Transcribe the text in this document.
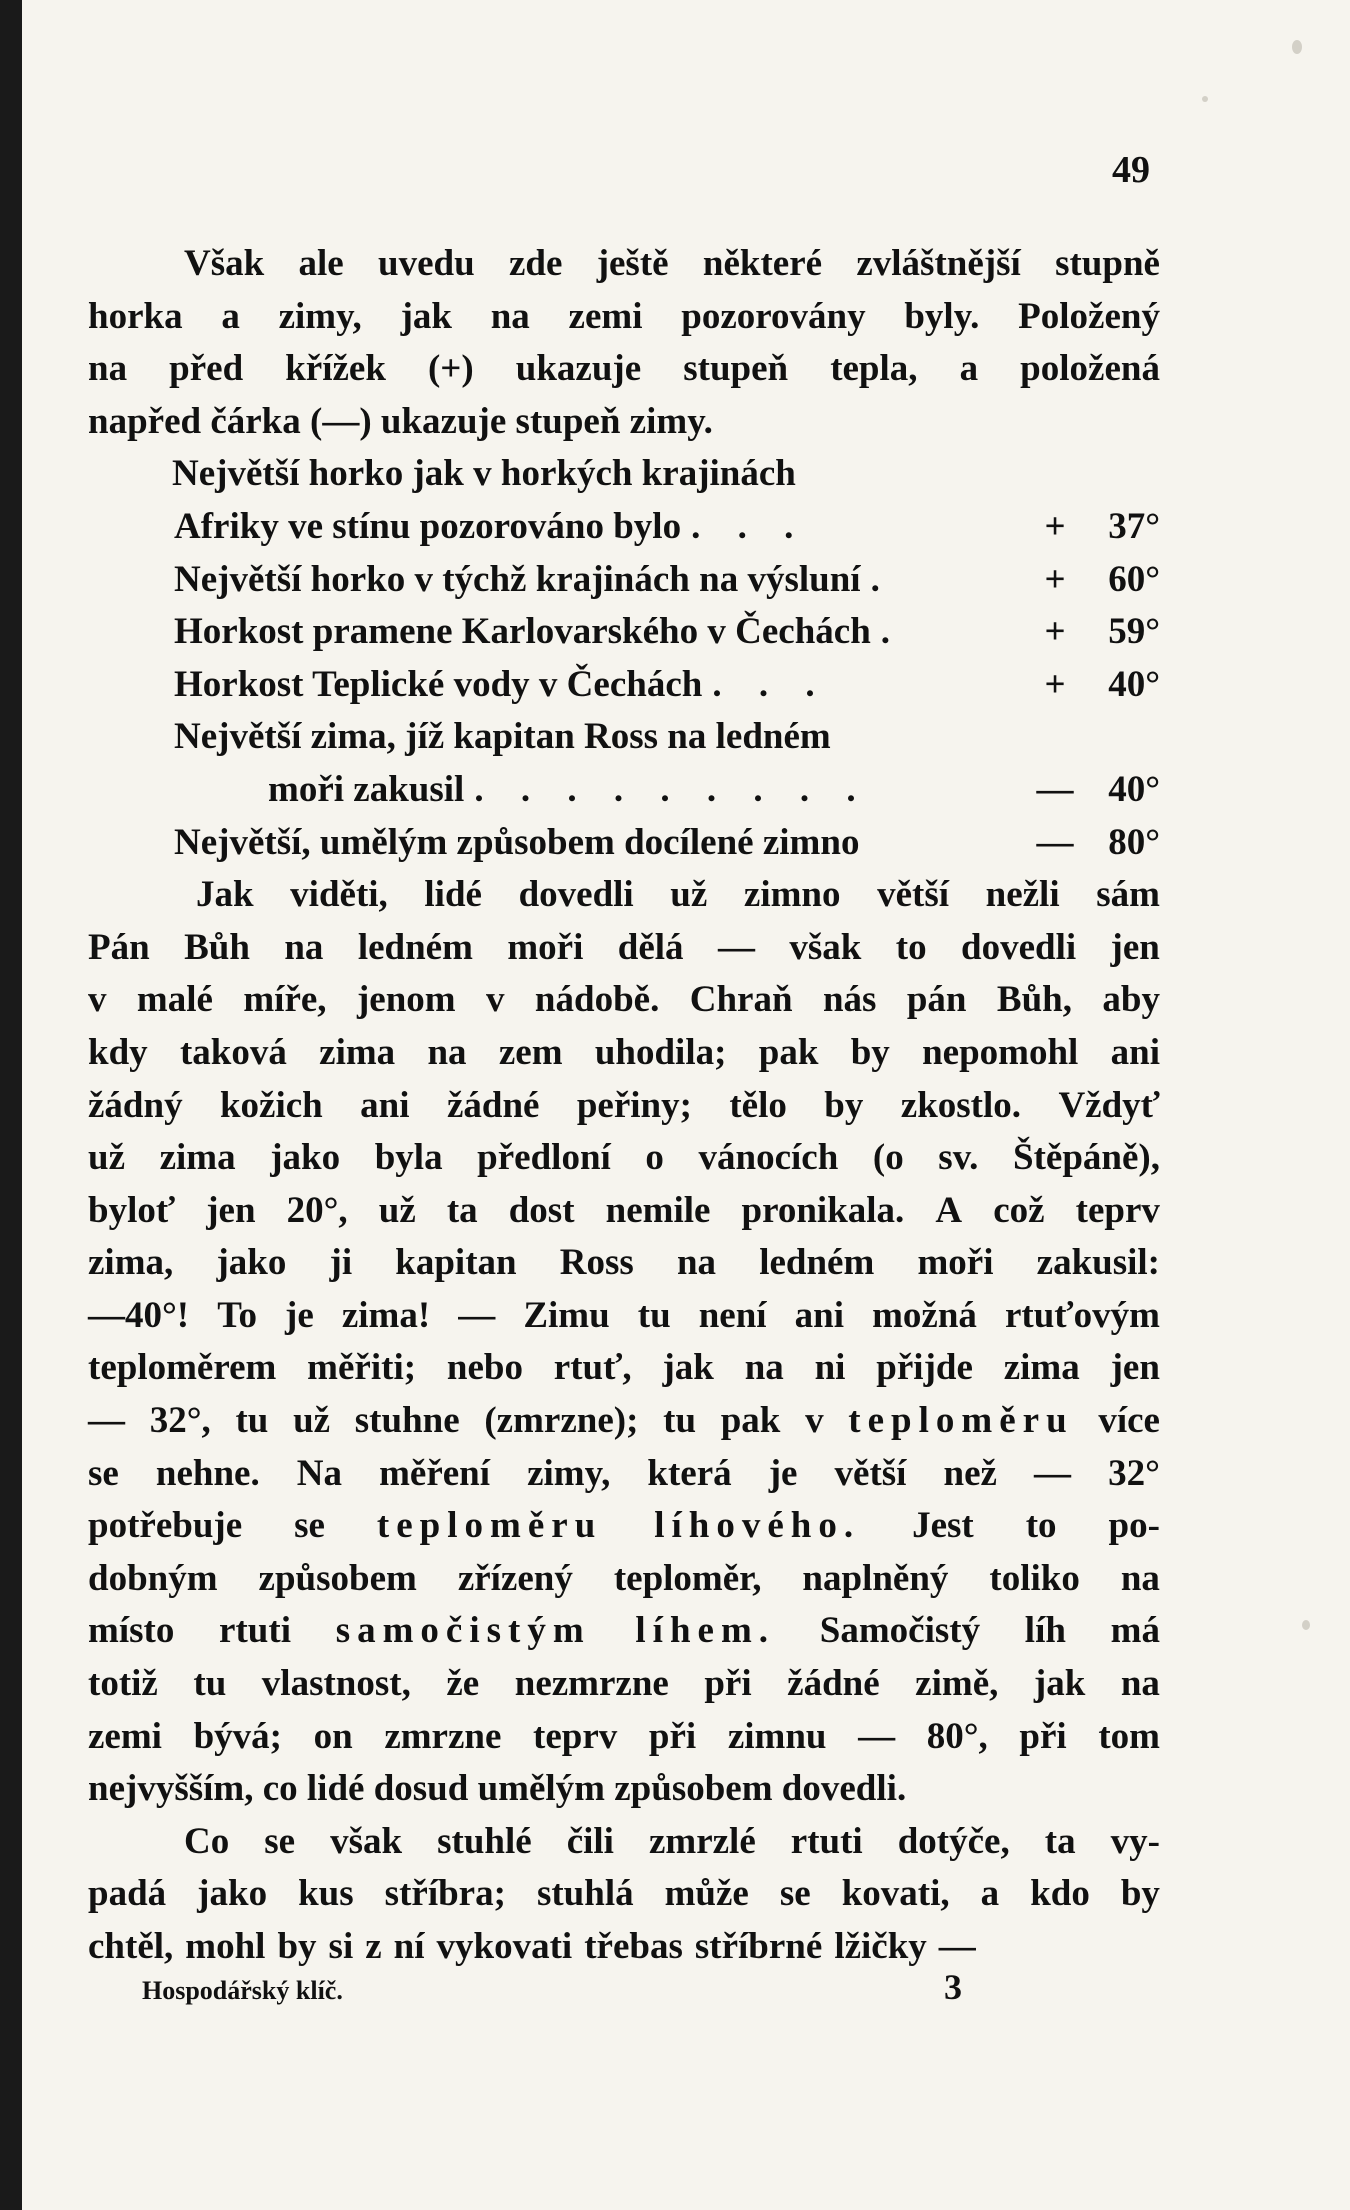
49
Však ale uvedu zde ještě některé zvláštnější stupně
horka a zimy, jak na zemi pozorovány byly. Položený
na před křížek (+) ukazuje stupeň tepla, a položená
napřed čárka (—) ukazuje stupeň zimy.
Největší horko jak v horkých krajinách
Afriky ve stínu pozorováno bylo . . .	+	37°
Největší horko v týchž krajinách na výsluní .	+	60°
Horkost pramene Karlovarského v Čechách .	+	59°
Horkost Teplické vody v Čechách . . .	+	40°
Největší zima, jíž kapitan Ross na ledném
moři zakusil . . . . . . . . .	— 40°
Největší, umělým způsobem docílené zimno	— 80°
Jak viděti, lidé dovedli už zimno větší nežli sám
Pán Bůh na ledném moři dělá — však to dovedli jen
v malé míře, jenom v nádobě. Chraň nás pán Bůh, aby
kdy taková zima na zem uhodila; pak by nepomohl ani
žádný kožich ani žádné peřiny; tělo by zkostlo. Vždyť
už zima jako byla předloní o vánocích (o sv. Štěpáně),
byloť jen 20°, už ta dost nemile pronikala. A což teprv
zima, jako ji kapitan Ross na ledném moři zakusil:
—40°! To je zima! — Zimu tu není ani možná rtuťovým
teploměrem měřiti; nebo rtuť, jak na ni přijde zima jen
— 32°, tu už stuhne (zmrzne); tu pak v teploměru více
se nehne. Na měření zimy, která je větší než — 32°
potřebuje se teploměru líhového. Jest to po-
dobným způsobem zřízený teploměr, naplněný toliko na
místo rtuti samočistým líhem. Samočistý líh má
totiž tu vlastnost, že nezmrzne při žádné zimě, jak na
zemi bývá; on zmrzne teprv při zimnu — 80°, při tom
nejvyšším, co lidé dosud umělým způsobem dovedli.
Co se však stuhlé čili zmrzlé rtuti dotýče, ta vy-
padá jako kus stříbra; stuhlá může se kovati, a kdo by
chtěl, mohl by si z ní vykovati třebas stříbrné lžičky —
Hospodářský klíč.	3
